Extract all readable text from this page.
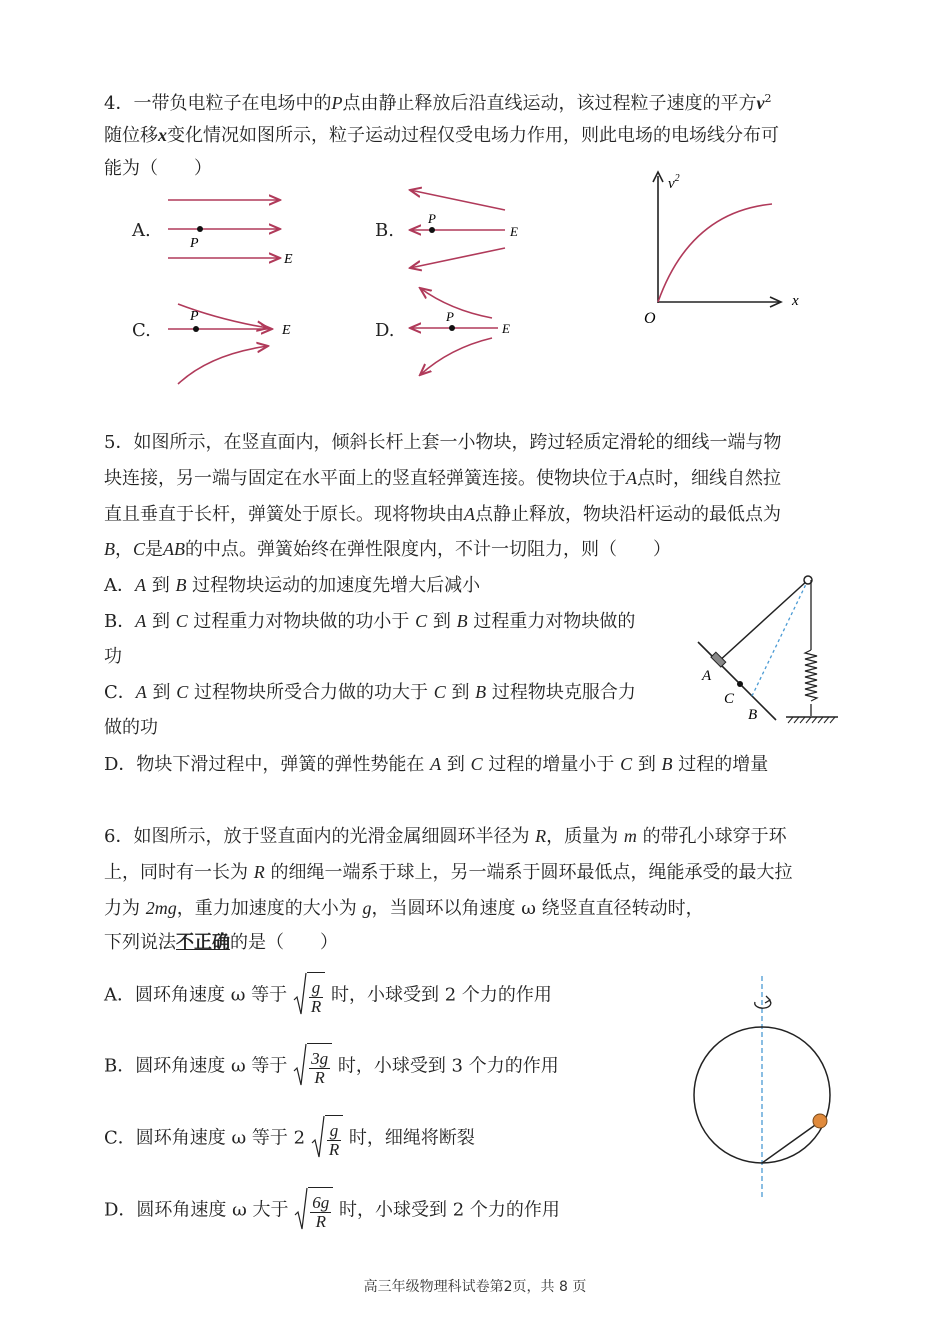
4．一带负电粒子在电场中的P点由静止释放后沿直线运动，该过程粒子速度的平方$v^2$
随位移x变化情况如图所示，粒子运动过程仅受电场力作用，则此电场的电场线分布可
能为（　　）
A.
P
E
B.
P
E
C.
P
E	D.
P
E
$v^2$
x
O
5．如图所示，在竖直面内，倾斜长杆上套一小物块，跨过轻质定滑轮的细线一端与物
块连接，另一端与固定在水平面上的竖直轻弹簧连接。使物块位于A点时，细线自然拉
直且垂直于长杆，弹簧处于原长。现将物块由A点静止释放，物块沿杆运动的最低点为
B，C是AB的中点。弹簧始终在弹性限度内，不计一切阻力，则（　　）
A．A 到 B 过程物块运动的加速度先增大后减小
B．A 到 C 过程重力对物块做的功小于 C 到 B 过程重力对物块做的
功
C．A 到 C 过程物块所受合力做的功大于 C 到 B 过程物块克服合力
做的功
D．物块下滑过程中，弹簧的弹性势能在 A 到 C 过程的增量小于 C 到 B 过程的增量
A
C
B
6．如图所示，放于竖直面内的光滑金属细圆环半径为 R，质量为 m 的带孔小球穿于环
上，同时有一长为 R 的细绳一端系于球上，另一端系于圆环最低点，绳能承受的最大拉
力为 2mg，重力加速度的大小为 g，当圆环以角速度 ω 绕竖直直径转动时，
下列说法不正确的是（　　）
A．圆环角速度 ω 等于 $\frac{g}{R}$ 时，小球受到 2 个力的作用
B．圆环角速度 ω 等于 $\frac{3g}{R}$ 时，小球受到 3 个力的作用
C．圆环角速度 ω 等于 $2 \frac{g}{R}$ 时，细绳将断裂
D．圆环角速度 ω 大于 $\frac{6g}{R}$ 时，小球受到 2 个力的作用
高三年级物理科试卷第2页，共 8 页
